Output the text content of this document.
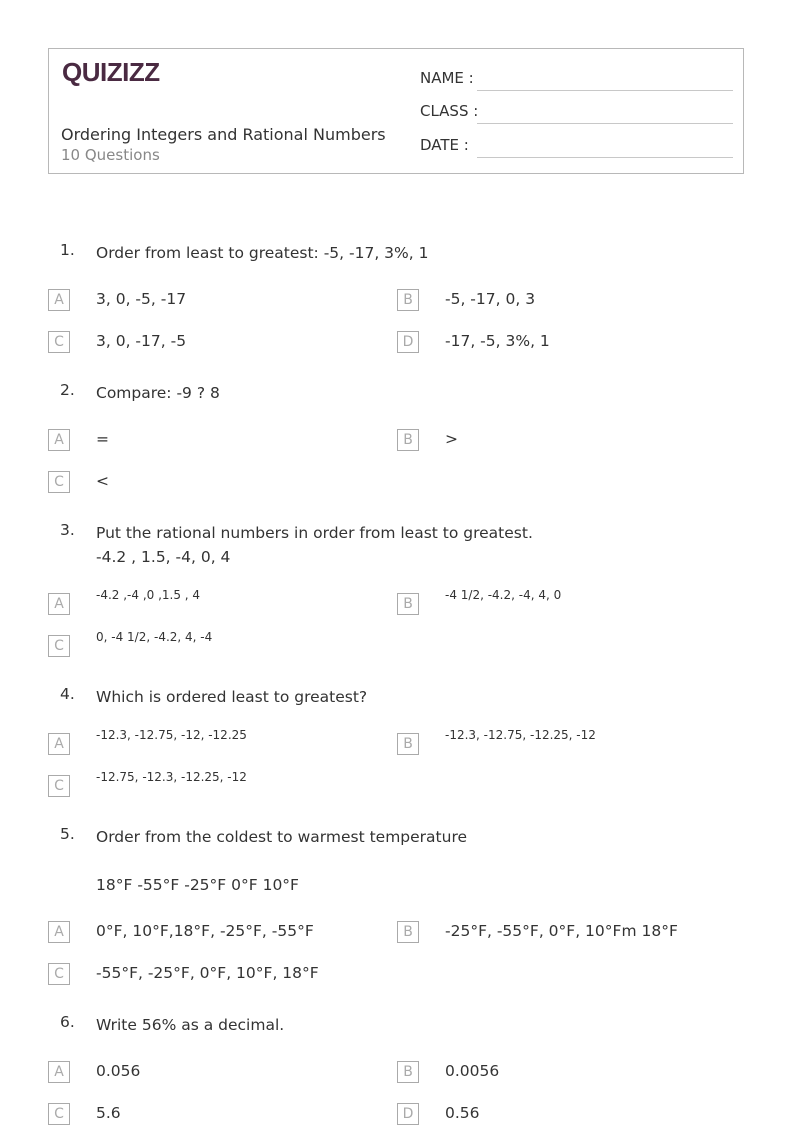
QUIZIZZ
Ordering Integers and Rational Numbers
10 Questions
NAME :
CLASS :
DATE :
1. Order from least to greatest: -5, -17, 3%, 1
A	3, 0, -5, -17	B	-5, -17, 0, 3
C	3, 0, -17, -5	D	-17, -5, 3%, 1
2. Compare: -9 ? 8
A	=	B	>
C	<
3. Put the rational numbers in order from least to greatest.
-4.2 , 1.5, -4, 0, 4
A
-4.2 ,-4 ,0 ,1.5 , 4
B
-4 1/2, -4.2, -4, 4, 0
C
0, -4 1/2, -4.2, 4, -4
4. Which is ordered least to greatest?
A
-12.3, -12.75, -12, -12.25
B
-12.3, -12.75, -12.25, -12
C
-12.75, -12.3, -12.25, -12
5. Order from the coldest to warmest temperature
18°F -55°F -25°F 0°F 10°F
A	0°F, 10°F,18°F, -25°F, -55°F	B	-25°F, -55°F, 0°F, 10°Fm 18°F
C	-55°F, -25°F, 0°F, 10°F, 18°F
6. Write 56% as a decimal.
A	0.056	B	0.0056
C	5.6	D	0.56
